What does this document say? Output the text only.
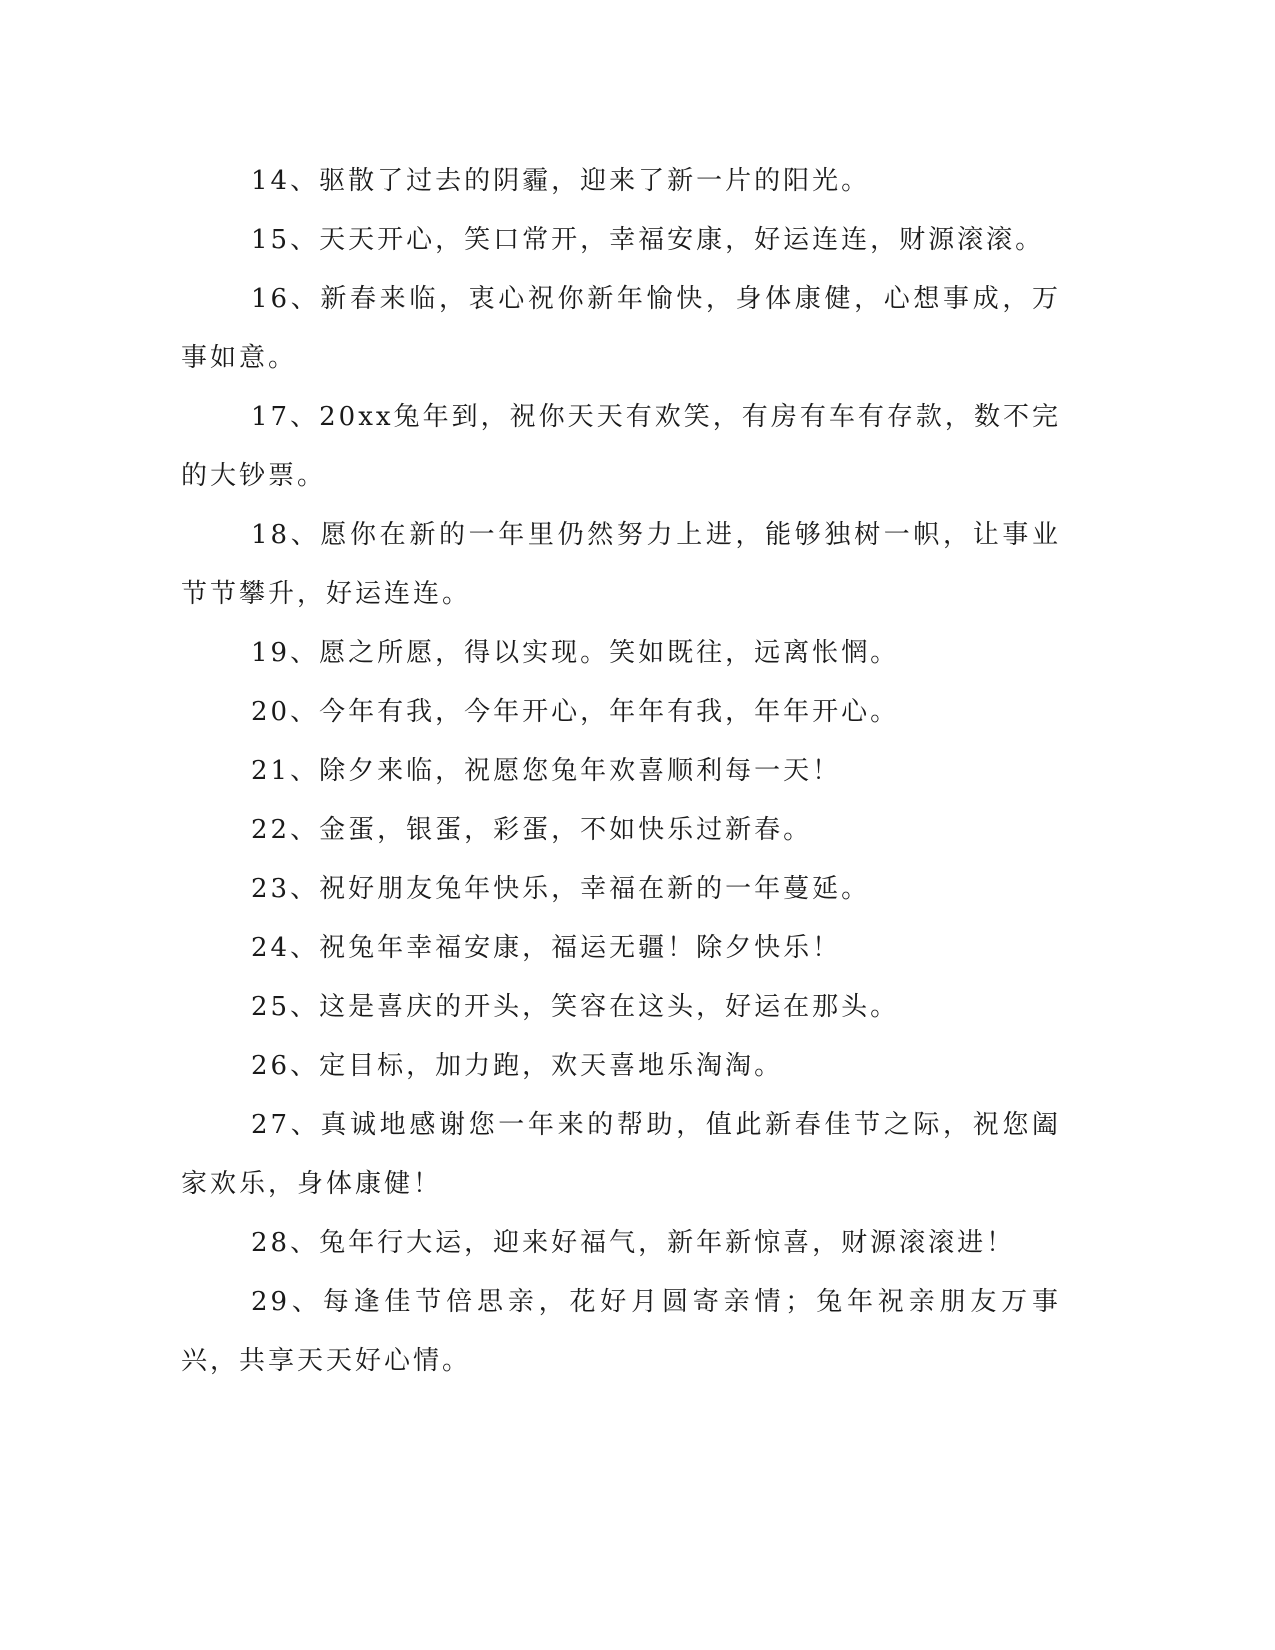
14、驱散了过去的阴霾，迎来了新一片的阳光。

15、天天开心，笑口常开，幸福安康，好运连连，财源滚滚。

16、新春来临，衷心祝你新年愉快，身体康健，心想事成，万事如意。

17、20xx兔年到，祝你天天有欢笑，有房有车有存款，数不完的大钞票。

18、愿你在新的一年里仍然努力上进，能够独树一帜，让事业节节攀升，好运连连。

19、愿之所愿，得以实现。笑如既往，远离怅惘。

20、今年有我，今年开心，年年有我，年年开心。

21、除夕来临，祝愿您兔年欢喜顺利每一天！

22、金蛋，银蛋，彩蛋，不如快乐过新春。

23、祝好朋友兔年快乐，幸福在新的一年蔓延。

24、祝兔年幸福安康，福运无疆！除夕快乐！

25、这是喜庆的开头，笑容在这头，好运在那头。

26、定目标，加力跑，欢天喜地乐淘淘。

27、真诚地感谢您一年来的帮助，值此新春佳节之际，祝您阖家欢乐，身体康健！

28、兔年行大运，迎来好福气，新年新惊喜，财源滚滚进！

29、每逢佳节倍思亲，花好月圆寄亲情；兔年祝亲朋友万事兴，共享天天好心情。
